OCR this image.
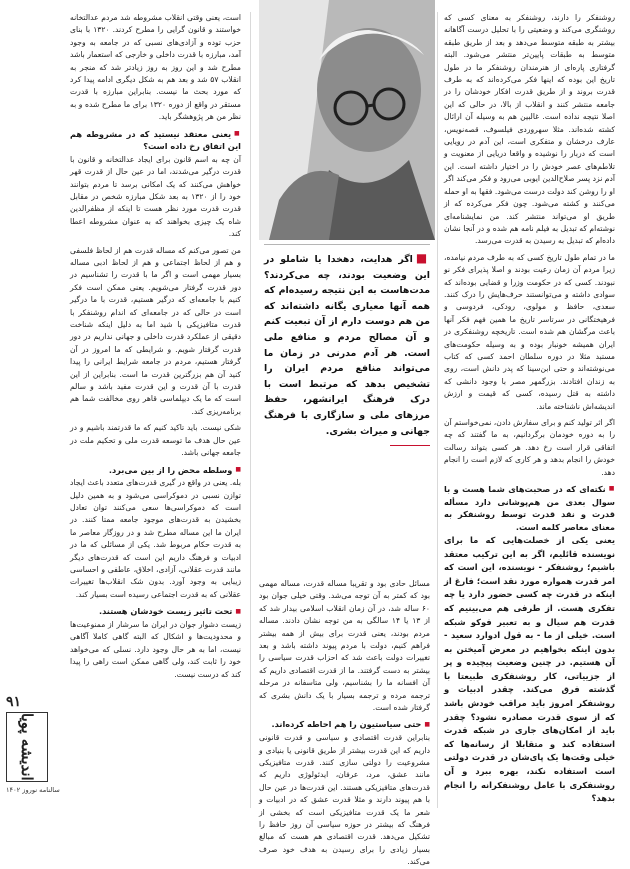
روشنفکر را دارند، روشنفکر به معنای کسی که روشنگری می‌کند و وضعیتی را با تحلیل درست آگاهانه بیشتر به طبقه متوسط می‌دهد و بعد از طریق طبقه متوسط به طبقات پایین‌تر منتشر می‌شود. البته گرفتاری پاره‌ای از هنرمندان روشنفکر ما در طول تاریخ این بوده که اینها فکر می‌کرده‌اند که به طرف قدرت بروند و از طریق قدرت افکار خودشان را در جامعه منتشر کنند و انقلاب از بالا، در حالی که این اصلا نتیجه نداده است. غالبین هم به وسیله آن ارائال کشته شده‌اند. مثلا سهروردی فیلسوف، قصه‌نویس، عارف درخشان و متفکری است، این آدم در رویایی است که دربار را نوشیده و واقعا دریایی از معنویت و تلاطم‌های عصر خودش را در اختیار داشته است. این آدم نزد پسر صلاح‌الدین ایوبی می‌رود و فکر می‌کند اگر او را روشن کند دولت درست می‌شود. فقها به او حمله می‌کنند و کشته می‌شود. چون فکر می‌کرده که از طریق او می‌تواند منتشر کند. من نمایشنامه‌ای نوشته‌ام که تبدیل به فیلم نامه هم شده و در آنجا نشان داده‌ام که تبدیل به رسیدن به قدرت می‌رسد.

ما در تمام طول تاریخ کسی که به طرف مردم نیامده، زیرا مردم آن زمان رعیت بودند و اصلا پذیرای فکر نو نبودند. کسی که در حکومت وزرا و قضایی بوده‌اند که سوادی داشته و می‌توانستند حرف‌هایش را درک کنند. سعدی، حافظ و مولوی، رودکی، فردوسی و فرهیختگانی در سرتاسر تاریخ ما همین فهم فکر آنها باعث مرگشان هم شده است. تاریخچه روشنفکری در ایران همیشه خونبار بوده و به وسیله حکومت‌های مستبد مثلا در دوره سلطان احمد کسی که کتاب می‌نوشته‌اند و حتی ابن‌سینا که پدر دانش است، روی به زندان افتادند. بزرگمهر مصر با وجود دانشی که داشته به قتل رسیده، کسی که قیمت و ارزش اندیشه‌اش ناشناخته ماند.

اگر اثر تولید کنم و برای سفارش دادن، نمی‌خواستم آن را به دوره خودمان برگردانیم، به ما گفتند که چه اتفاقی قرار است رخ دهد. هر کسی بتواند رسالت خودش را انجام بدهد و هر کاری که لازم است را انجام دهد.

■ نکته‌ای که در صحبت‌های شما هست و با سوال بعدی من هم‌پوشانی دارد مسأله قدرت و نقد قدرت توسط روشنفکر به معنای معاصر کلمه است.

یعنی یکی از خصلت‌هایی که ما برای نویسنده قائلیم، اگر به این ترکیب معتقد باشیم؛ روشنفکر - نویسنده، این است که امر قدرت همواره مورد نقد است؛ فارغ از اینکه در قدرت چه کسی حضور دارد یا چه تفکری هست. از طرفی هم می‌بینیم که قدرت هم سیال و به تعبیر فوکو شبکه است. خیلی از ما - به قول ادوارد سعید - بدون اینکه بخواهیم در معرض آمیختن به آن هستیم. در چنین وضعیت پیچیده و پر از جزییاتی، کار روشنفکری طبیعتا با گذشته فرق می‌کند. چقدر ادبیات و روشنفکر امروز باید مراقب خودش باشد که از سوی قدرت مصادره نشود؟ چقدر باید از امکان‌های جاری در شبکه قدرت استفاده کند و متقابلا از رسانه‌ها که خیلی وقت‌ها یک پای‌شان در قدرت دولتی است استفاده نکند، بهره ببرد و آن روشنفکری با عامل روشنفکرانه را انجام بدهد؟

■اگر هدایت، دهخدا یا شاملو در این وضعیت بودند، چه می‌کردند؟ مدت‌هاست به این نتیجه رسیده‌ام که همه آنها معیاری یگانه داشته‌اند که من هم دوست دارم از آن تبعیت کنم و آن مصالح مردم و منافع ملی است. هر آدم مدرنی در زمان ما می‌تواند منافع مردم ایران را تشخیص بدهد که مرتبط است با درک فرهنگ ایرانشهر، حفظ مرزهای ملی و سازگاری با فرهنگ جهانی و میراث بشری.

مسائل حادی بود و تقریبا مساله قدرت، مساله مهمی بود که کمتر به آن توجه می‌شد. وقتی خیلی جوان بود ۶۰ ساله شد، در آن زمان انقلاب اسلامی بیدار شد که از ۱۳ یا ۱۴ سالگی به من توجه نشان دادند. مساله مردم بودند، یعنی قدرت برای بیش از همه بیشتر فراهم کنیم، دولت با مردم پیوند داشته باشد و بعد تغییرات دولت باعث شد که احزاب قدرت سیاسی را بیشتر به دست گرفتند. ما از قدرت اقتصادی داریم که آن افسانه ما را بشناسیم، ولی متاسفانه در مرحله ترجمه مرده و ترجمه بسیار با یک دانش بشری که گرفتار شده است.

■ حتی سیاستیون را هم احاطه کرده‌اند.

بنابراین قدرت اقتصادی و سیاسی و قدرت قانونی داریم که این قدرت بیشتر از طریق قانونی یا بنیادی و مشروعیت را دولتی سازی کنند. قدرت متافیزیکی مانند عشق، مرد، عرفان، ایدئولوژی داریم که قدرت‌های متافیزیکی هستند. این قدرت‌ها در عین حال با هم پیوند دارند و مثلا قدرت عشق که در ادبیات و شعر ما یک قدرت متافیزیکی است که بخشی از فرهنگ که بیشتر در حوزه سیاسی آن روز حافظ را تشکیل می‌دهد. قدرت اقتصادی هم هست که مبالغ بسیار زیادی را برای رسیدن به هدف خود صرف می‌کند.

است، یعنی وقتی انقلاب مشروطه شد مردم عدالتخانه خواستند و قانون گرایی را مطرح کردند. ۱۳۲۰ با بنای حزب توده و آزادی‌های نسبی که در جامعه به وجود آمد، مبارزه با قدرت داخلی و خارجی که استعمار باشد مطرح شد و این روز به روز زیادتر شد که منجر به انقلاب ۵۷ شد و بعد هم به شکل دیگری ادامه پیدا کرد که مورد بحث ما نیست. بنابراین مبارزه با قدرت مستقر در واقع از دوره ۱۳۲۰ برای ما مطرح شده و به نظر من هر پژوهشگر باید.

■ یعنی معتقد نیستید که در مشروطه هم این اتفاق رخ داده است؟

آن چه به اسم قانون برای ایجاد عدالتخانه و قانون با قدرت درگیر می‌شدند، اما در عین حال از قدرت قهر خواهش می‌کنند که یک امکانی برسد تا مردم بتوانند خود را از ۱۳۲۰ به بعد شکل مبارزه شخص در مقابل قدرت قدرت مورد نظر هست تا اینکه از مظفرالدین شاه یک چیزی بخواهند که به عنوان مشروطه اعطا کند.

من تصور می‌کنم که مساله قدرت هم از لحاظ فلسفی و هم از لحاظ اجتماعی و هم از لحاظ ادبی مساله بسیار مهمی است و اگر ما با قدرت را تشناسیم در دور قدرت گرفتار می‌شویم. یعنی ممکن است فکر کنیم با جامعه‌ای که درگیر هستیم، قدرت با ما درگیر است در حالی که در جامعه‌ای که اندام روشنفکر با قدرت متافیزیکی با شید اما به دلیل اینکه شناخت دقیقی از عملکرد قدرت داخلی و جهانی نداریم در دور قدرت گرفتار شویم. و شرایطی که ما امروز در آن گرفتار هستیم، مردم در جامعه شرایط ایرانی را پیدا کنید آن هم بزرگترین قدرت ما است. بنابراین از این قدرت با آن قدرت و این قدرت مفید باشد و سالم است که ما یک دیپلماسی قاهر روی مخالفت شما هم برنامه‌ریزی کند.

شکی نیست. باید تاکید کنیم که ما قدرتمند باشیم و در عین حال هدف ما توسعه قدرت ملی و تحکیم ملت در جامعه جهانی باشد.

■ وسلطه محض را از بین می‌برد.

بله. یعنی در واقع در گیری قدرت‌های متعدد باعث ایجاد توازن نسبی در دموکراسی می‌شود و به همین دلیل است که دموکراسی‌ها سعی می‌کنند توان تعادل بخشیدن به قدرت‌های موجود جامعه ممتا کنند. در ایران ما این مساله مطرح شد و در روزگار معاصر ما به قدرت حکام مربوط شد. یکی از مسائلی که ما در ادبیات و فرهنگ داریم این است که قدرت‌های دیگر مانند قدرت عقلانی، آزادی، اخلاق، عاطفی و احساسی زیبایی به وجود آورد. بدون شک انقلاب‌ها تغییرات عقلانی که به قدرت اجتماعی رسیده است بسیار کند.

■ تحت تاثیر زیست خودشان هستند.

زیست دشوار جوان در ایران ما سرشار از ممنوعیت‌ها و محدودیت‌ها و اشکال که البته گاهی کاملا آگاهی نیست، اما به هر حال وجود دارد. نسلی که می‌خواهد خود را ثابت کند، ولی گاهی ممکن است راهی را پیدا کند که درست نیست.

۹۱
اندیشه پویا
سالنامه نوروز ۱۴۰۲
